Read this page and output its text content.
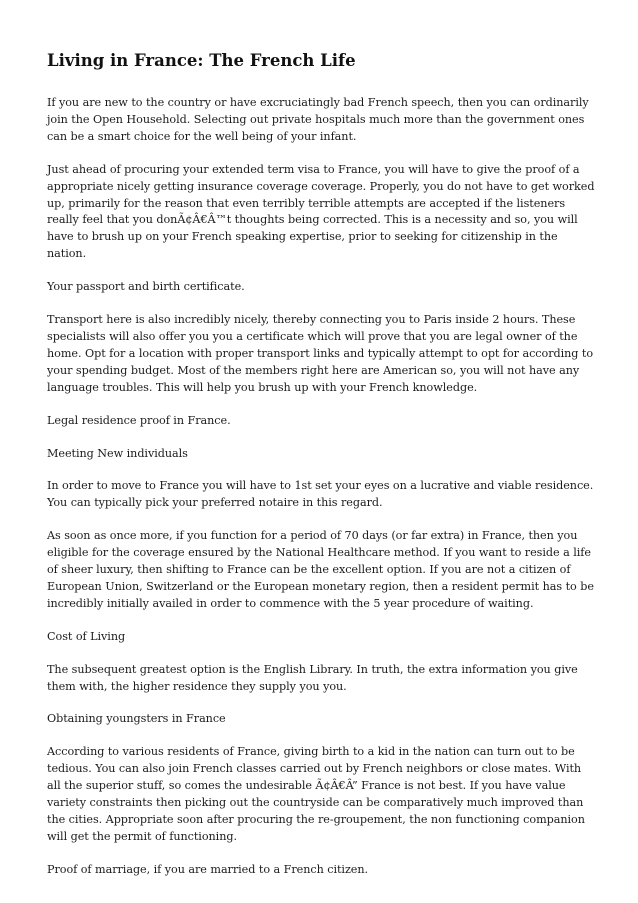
Living in France: The French Life

If you are new to the country or have excruciatingly bad French speech, then you can ordinarily join the Open Household. Selecting out private hospitals much more than the government ones can be a smart choice for the well being of your infant.

Just ahead of procuring your extended term visa to France, you will have to give the proof of a appropriate nicely getting insurance coverage coverage. Properly, you do not have to get worked up, primarily for the reason that even terribly terrible attempts are accepted if the listeners really feel that you donÃ¢Â€Â™t thoughts being corrected. This is a necessity and so, you will have to brush up on your French speaking expertise, prior to seeking for citizenship in the nation.

Your passport and birth certificate.

Transport here is also incredibly nicely, thereby connecting you to Paris inside 2 hours. These specialists will also offer you you a certificate which will prove that you are legal owner of the home. Opt for a location with proper transport links and typically attempt to opt for according to your spending budget. Most of the members right here are American so, you will not have any language troubles. This will help you brush up with your French knowledge.

Legal residence proof in France.

Meeting New individuals

In order to move to France you will have to 1st set your eyes on a lucrative and viable residence. You can typically pick your preferred notaire in this regard.

As soon as once more, if you function for a period of 70 days (or far extra) in France, then you eligible for the coverage ensured by the National Healthcare method. If you want to reside a life of sheer luxury, then shifting to France can be the excellent option. If you are not a citizen of European Union, Switzerland or the European monetary region, then a resident permit has to be incredibly initially availed in order to commence with the 5 year procedure of waiting.

Cost of Living

The subsequent greatest option is the English Library. In truth, the extra information you give them with, the higher residence they supply you you.

Obtaining youngsters in France

According to various residents of France, giving birth to a kid in the nation can turn out to be tedious. You can also join French classes carried out by French neighbors or close mates. With all the superior stuff, so comes the undesirable Ã¢Â€Â” France is not best. If you have value variety constraints then picking out the countryside can be comparatively much improved than the cities. Appropriate soon after procuring the re-groupement, the non functioning companion will get the permit of functioning.

Proof of marriage, if you are married to a French citizen.
